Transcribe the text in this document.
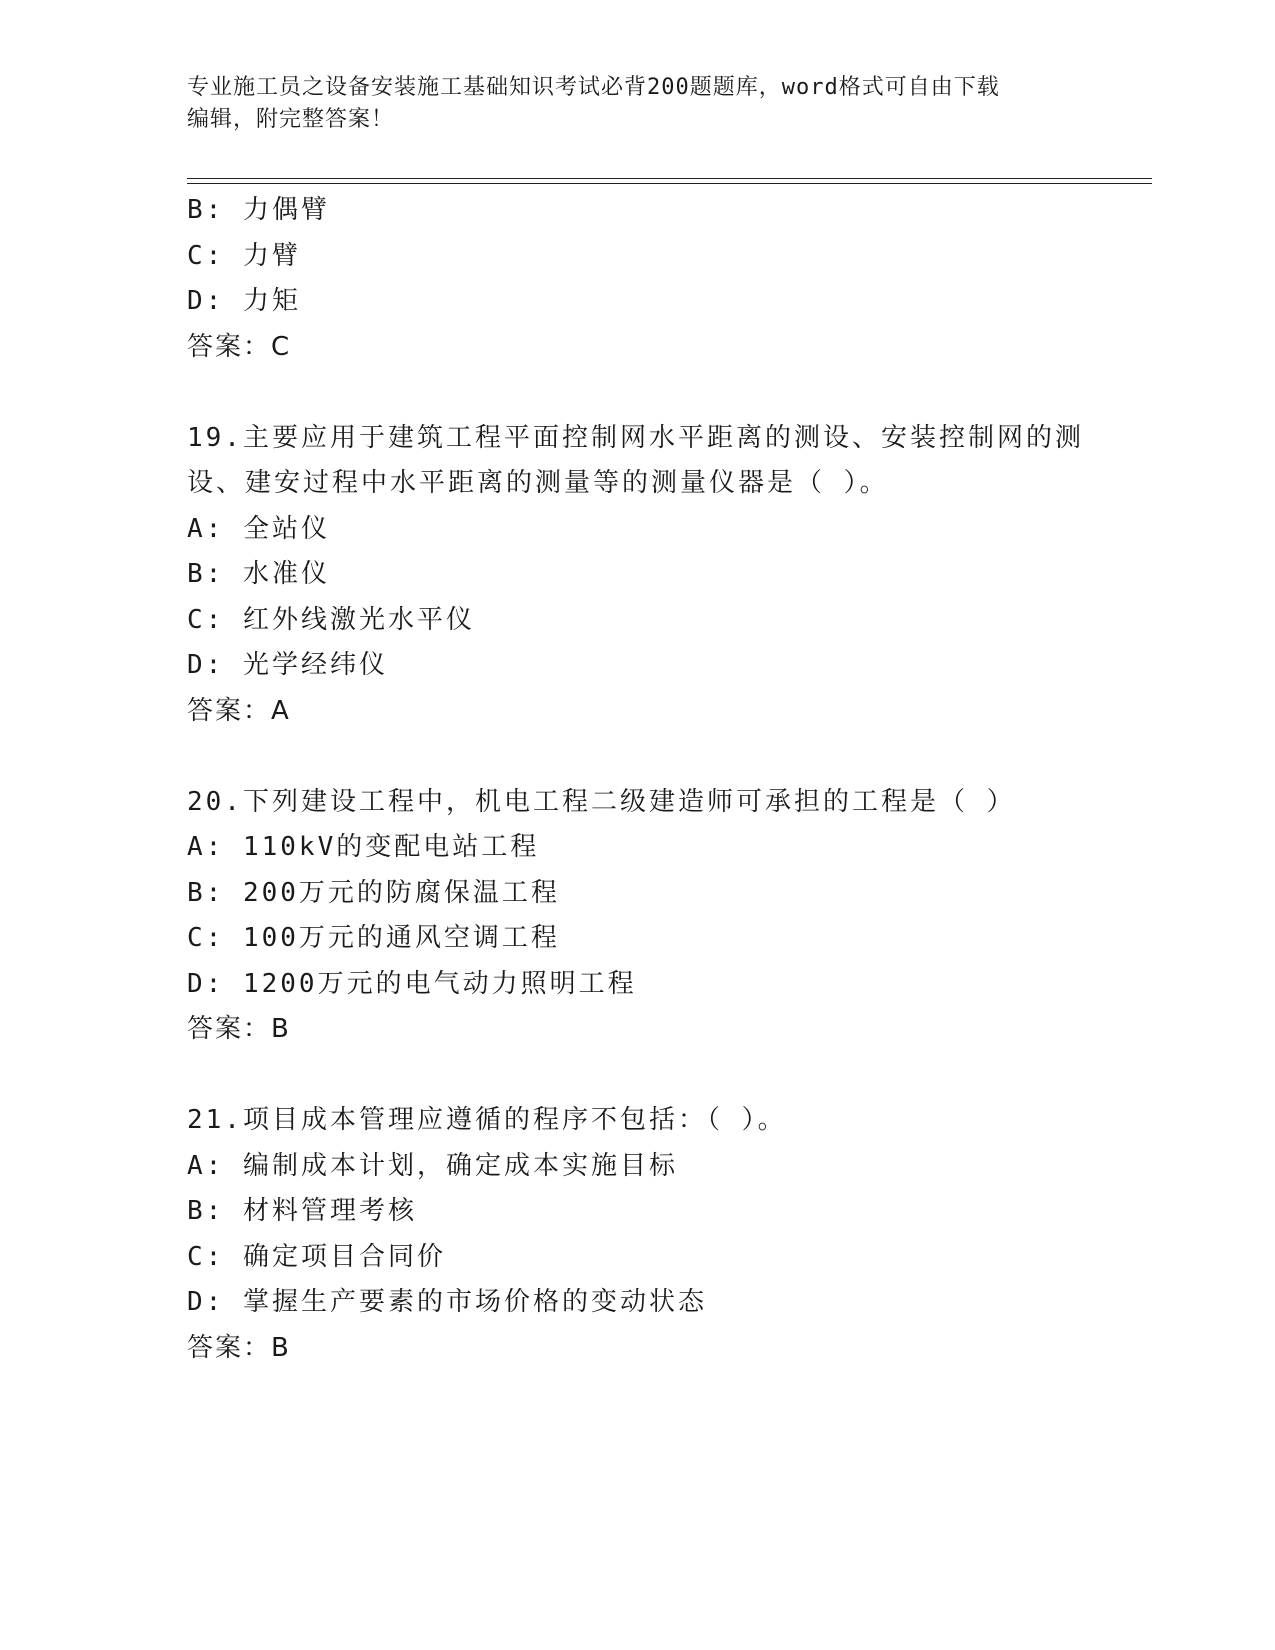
专业施工员之设备安装施工基础知识考试必背200题题库，word格式可自由下载
编辑，附完整答案！
B: 力偶臂
C: 力臂
D: 力矩
答案：C
19.主要应用于建筑工程平面控制网水平距离的测设、安装控制网的测
设、建安过程中水平距离的测量等的测量仪器是（ ）。
A: 全站仪
B: 水准仪
C: 红外线激光水平仪
D: 光学经纬仪
答案：A
20.下列建设工程中，机电工程二级建造师可承担的工程是（ ）
A: 110kV的变配电站工程
B: 200万元的防腐保温工程
C: 100万元的通风空调工程
D: 1200万元的电气动力照明工程
答案：B
21.项目成本管理应遵循的程序不包括：（ ）。
A: 编制成本计划，确定成本实施目标
B: 材料管理考核
C: 确定项目合同价
D: 掌握生产要素的市场价格的变动状态
答案：B
